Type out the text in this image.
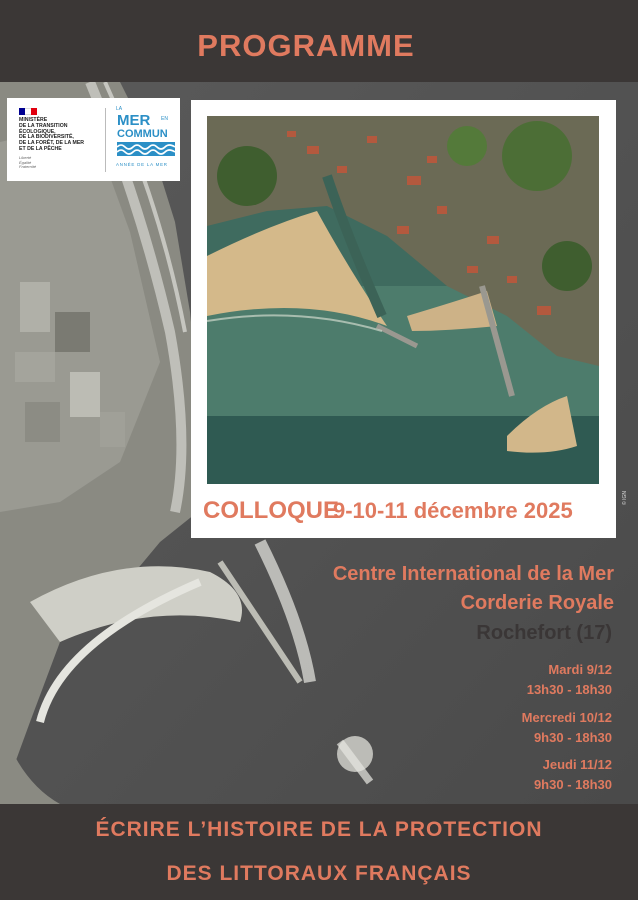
PROGRAMME
MINISTÈRE
DE LA TRANSITION
ÉCOLOGIQUE,
DE LA BIODIVERSITÉ,
DE LA FORÊT, DE LA MER
ET DE LA PÊCHE
Liberté
Égalité
Fraternité
LA
MER EN
COMMUN
ANNÉE DE LA MER
COLLOQUE
9-10-11 décembre 2025	© IGN
Centre International de la Mer
Corderie Royale
Rochefort (17)
Mardi 9/12
13h30 - 18h30
Mercredi 10/12
9h30 - 18h30
Jeudi 11/12
9h30 - 18h30
ÉCRIRE L’HISTOIRE DE LA PROTECTION
DES LITTORAUX FRANÇAIS
